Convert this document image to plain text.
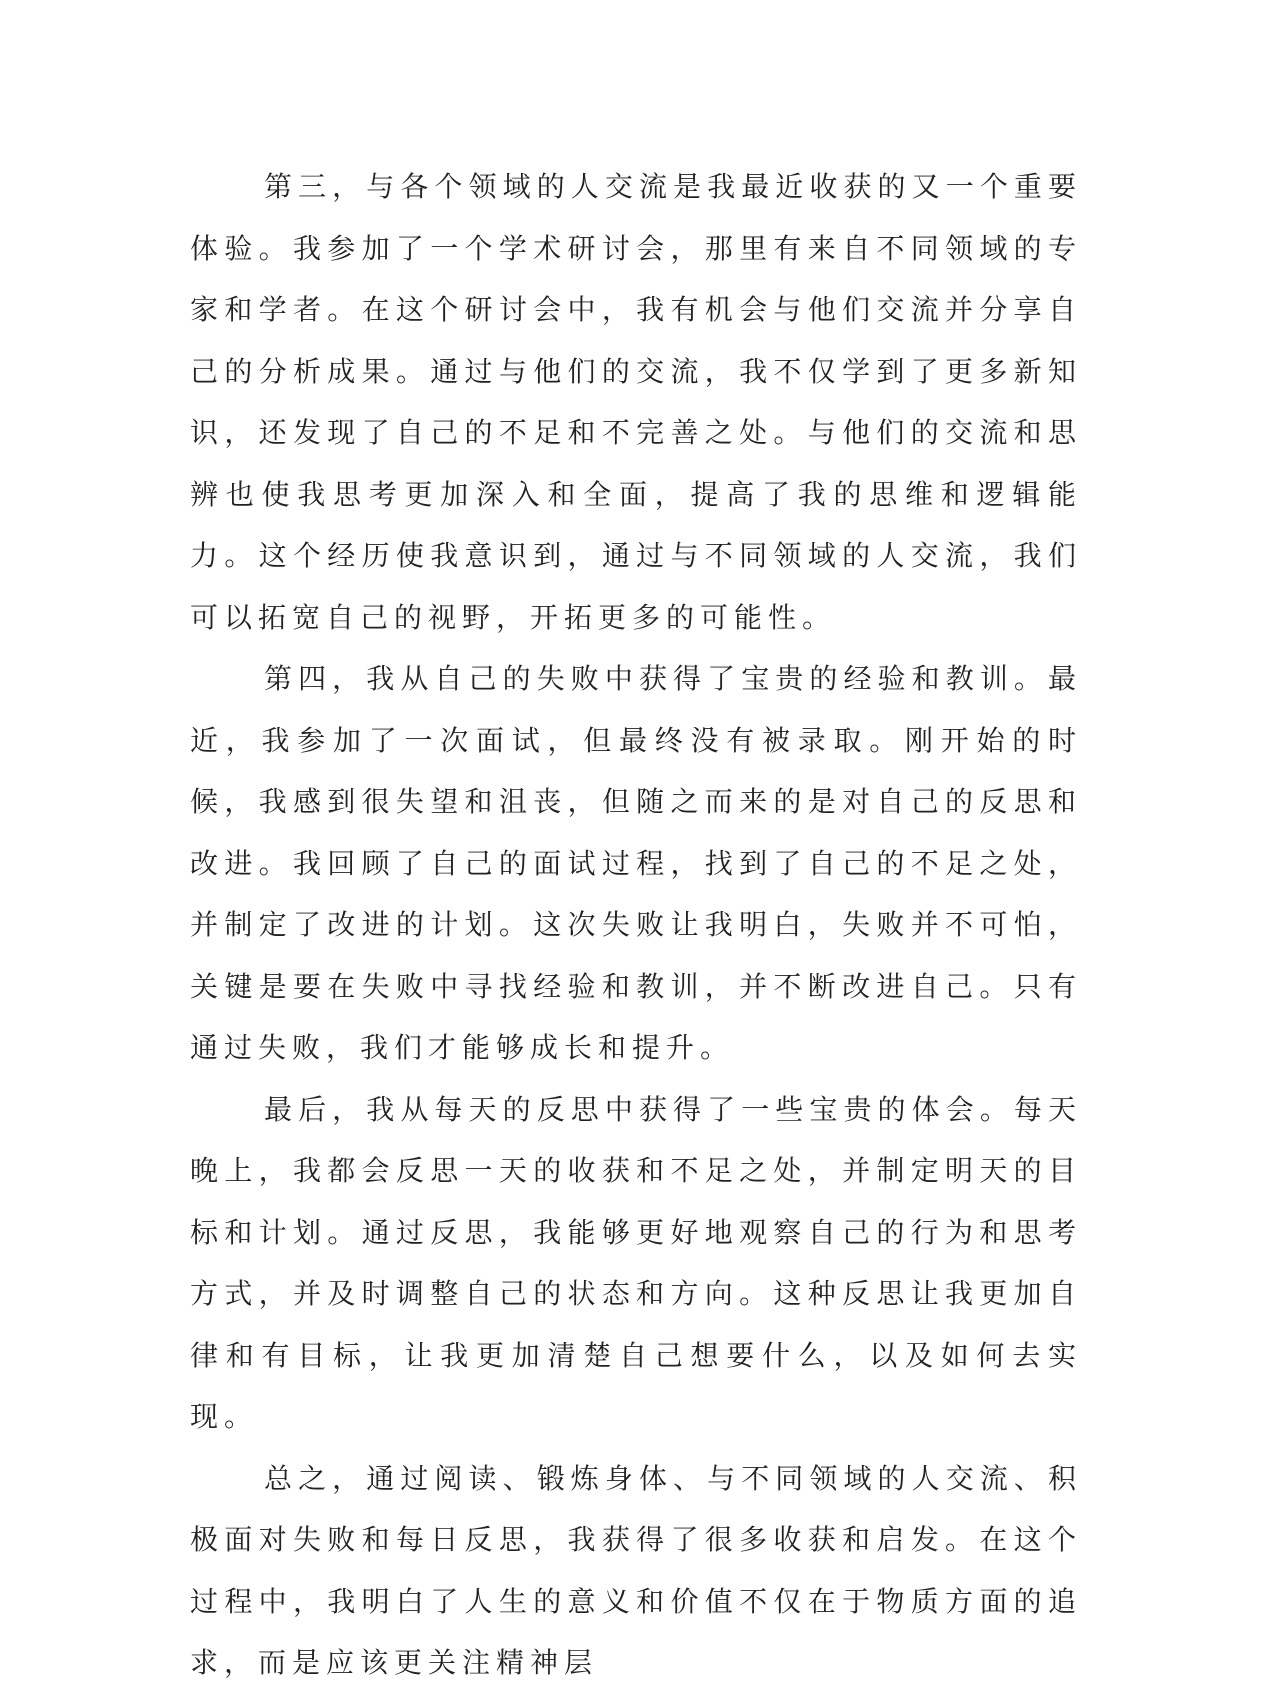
第三，与各个领域的人交流是我最近收获的又一个重要体验。我参加了一个学术研讨会，那里有来自不同领域的专家和学者。在这个研讨会中，我有机会与他们交流并分享自己的分析成果。通过与他们的交流，我不仅学到了更多新知识，还发现了自己的不足和不完善之处。与他们的交流和思辨也使我思考更加深入和全面，提高了我的思维和逻辑能力。这个经历使我意识到，通过与不同领域的人交流，我们可以拓宽自己的视野，开拓更多的可能性。

第四，我从自己的失败中获得了宝贵的经验和教训。最近，我参加了一次面试，但最终没有被录取。刚开始的时候，我感到很失望和沮丧，但随之而来的是对自己的反思和改进。我回顾了自己的面试过程，找到了自己的不足之处，并制定了改进的计划。这次失败让我明白，失败并不可怕，关键是要在失败中寻找经验和教训，并不断改进自己。只有通过失败，我们才能够成长和提升。

最后，我从每天的反思中获得了一些宝贵的体会。每天晚上，我都会反思一天的收获和不足之处，并制定明天的目标和计划。通过反思，我能够更好地观察自己的行为和思考方式，并及时调整自己的状态和方向。这种反思让我更加自律和有目标，让我更加清楚自己想要什么，以及如何去实现。

总之，通过阅读、锻炼身体、与不同领域的人交流、积极面对失败和每日反思，我获得了很多收获和启发。在这个过程中，我明白了人生的意义和价值不仅在于物质方面的追求，而是应该更关注精神层
